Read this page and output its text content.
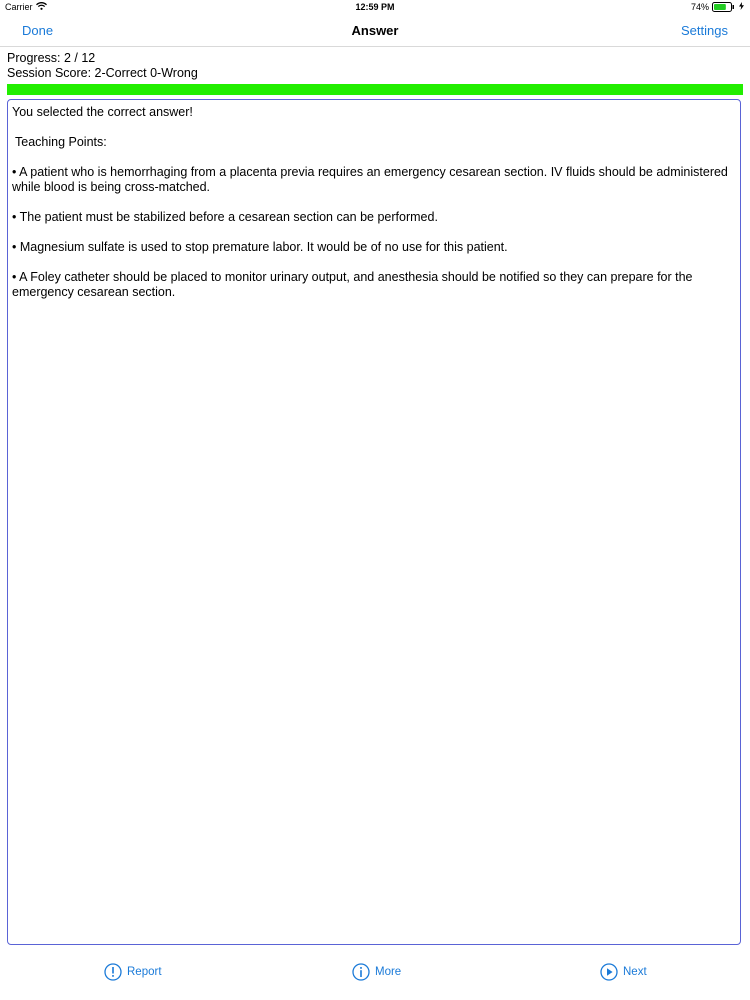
Carrier	12:59 PM	74%
Done	Answer	Settings
Progress: 2 / 12
Session Score: 2-Correct 0-Wrong

You selected the correct answer!

Teaching Points:

• A patient who is hemorrhaging from a placenta previa requires an emergency cesarean section. IV fluids should be administered while blood is being cross-matched.

• The patient must be stabilized before a cesarean section can be performed.

• Magnesium sulfate is used to stop premature labor. It would be of no use for this patient.

• A Foley catheter should be placed to monitor urinary output, and anesthesia should be notified so they can prepare for the emergency cesarean section.

Report	More	Next
